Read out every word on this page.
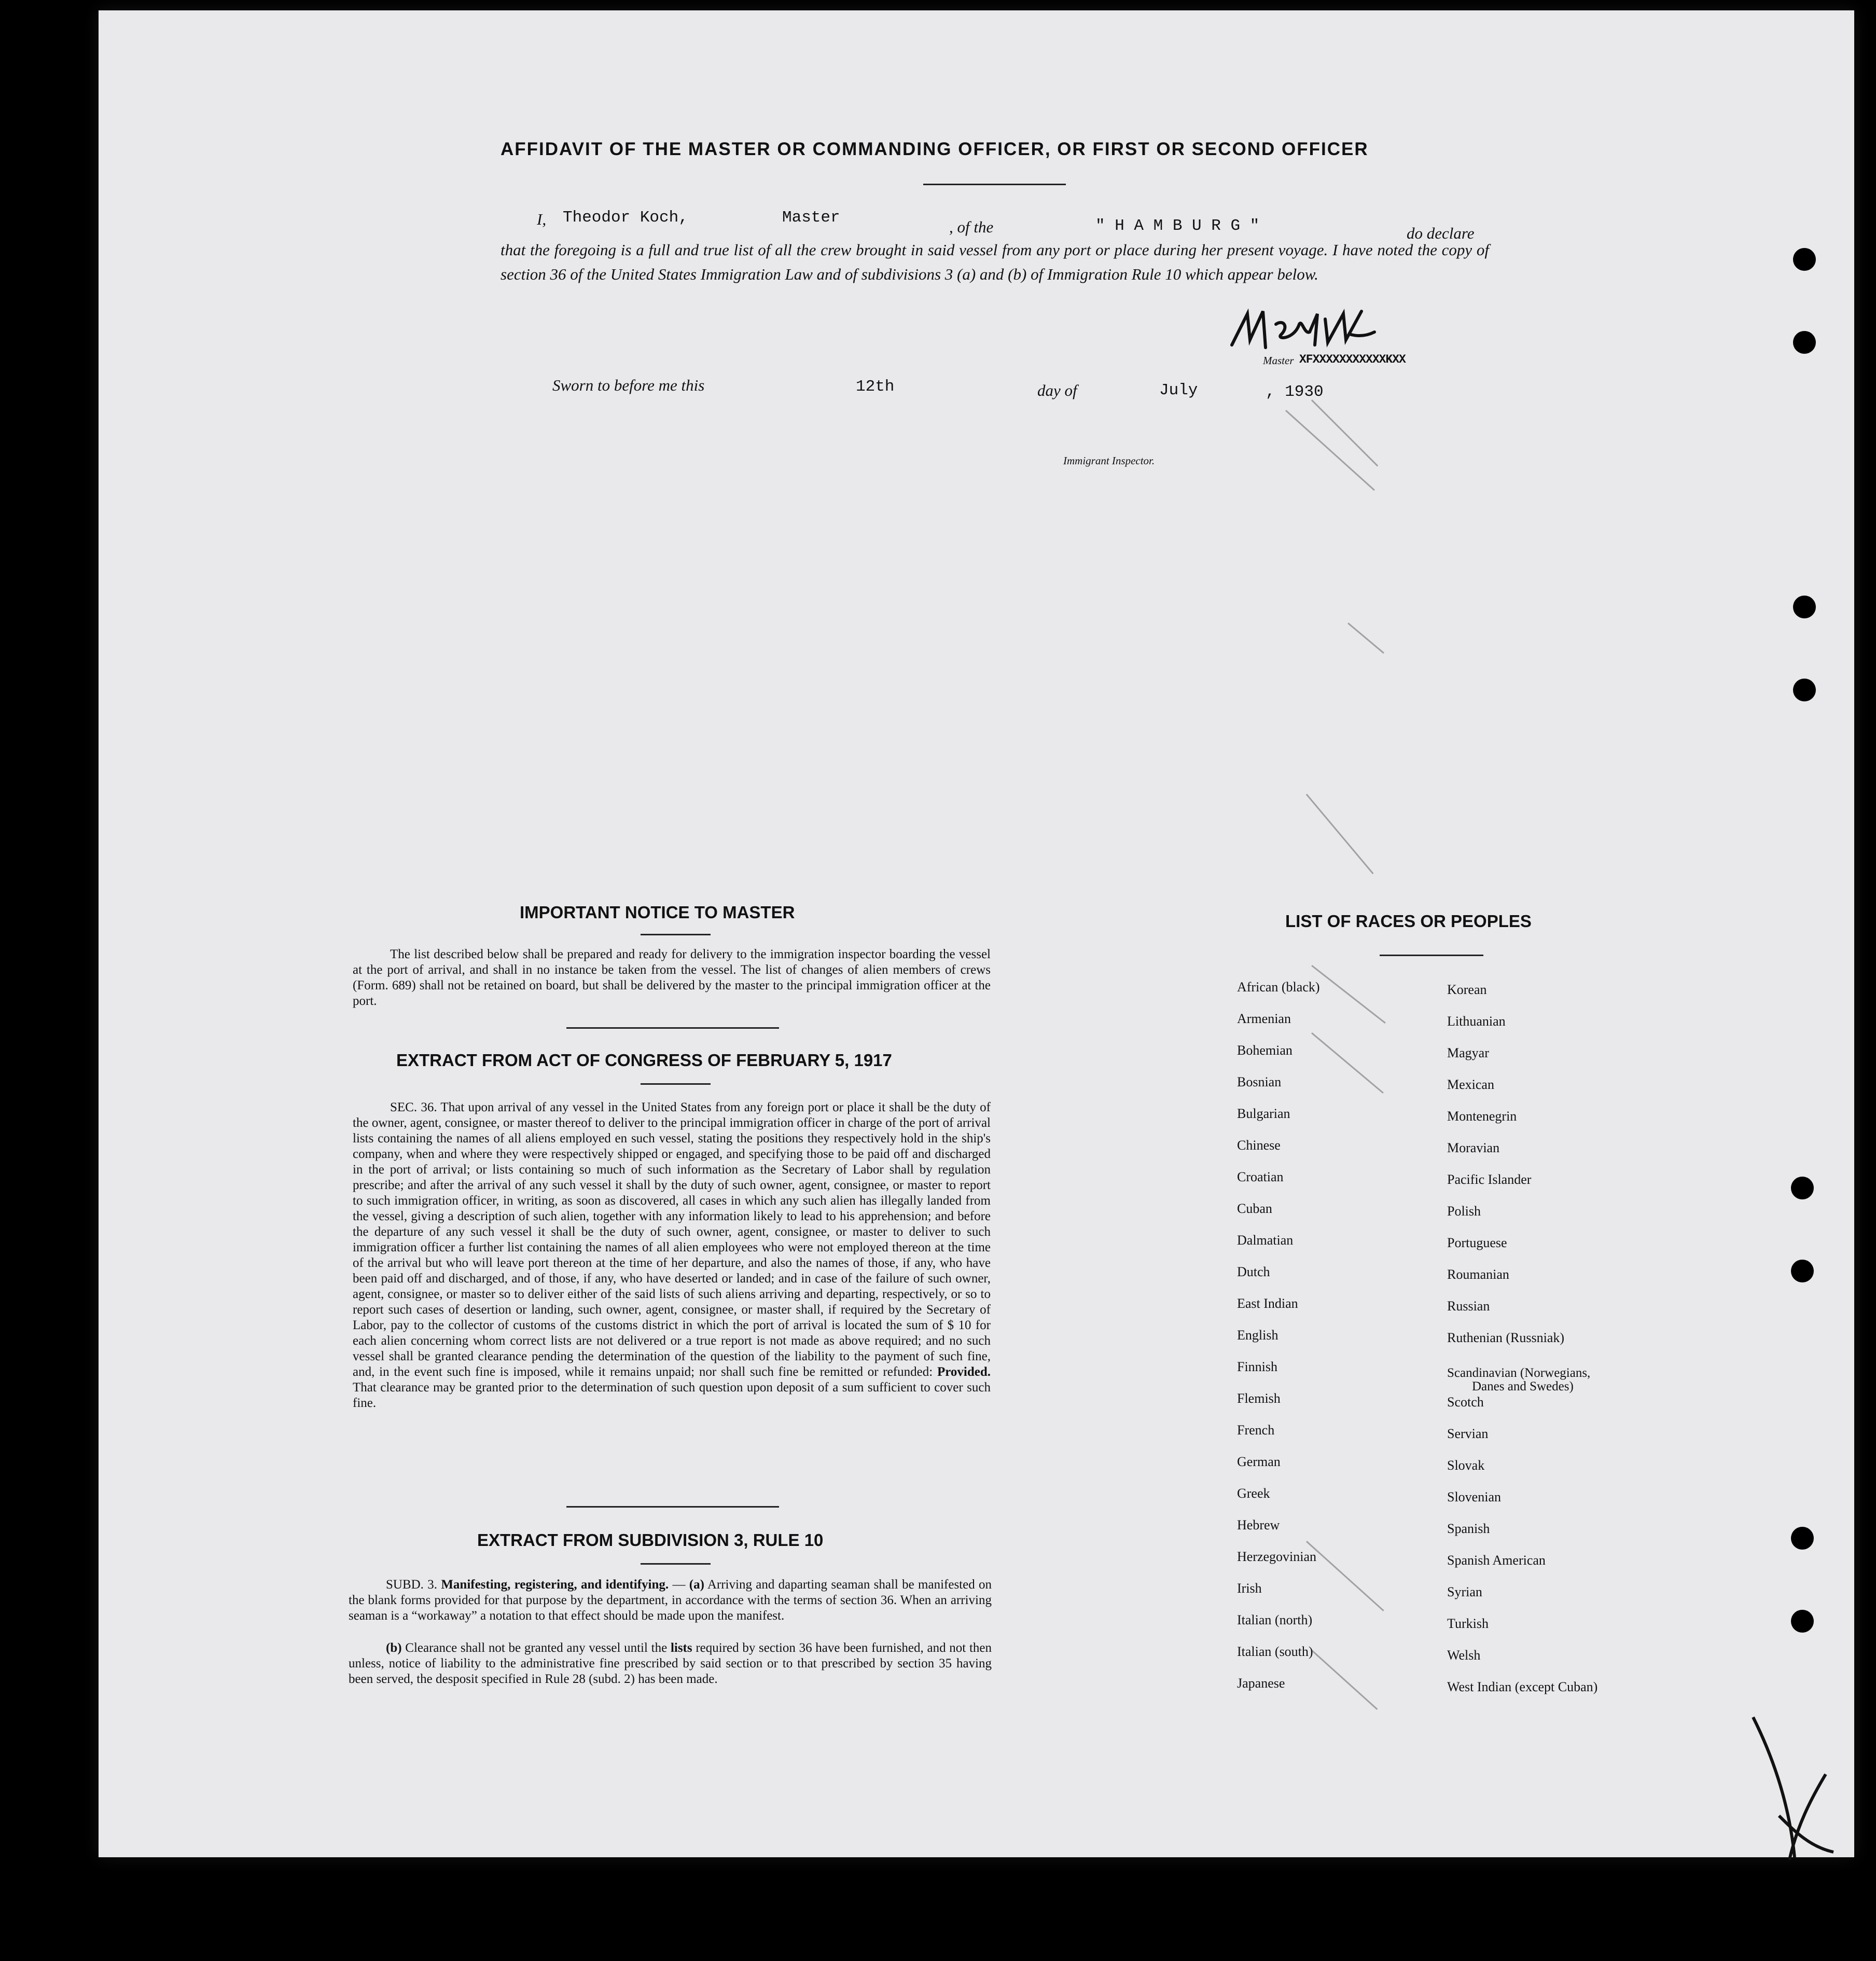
AFFIDAVIT OF THE MASTER OR COMMANDING OFFICER, OR FIRST OR SECOND OFFICER
I, Theodor Koch,	Master
, of the	" H A M B U R G "	do declare
that the foregoing is a full and true list of all the crew brought in said vessel from any port or place during her present voyage. I have noted the copy of section 36 of the United States Immigration Law and of subdivisions 3 (a) and (b) of Immigration Rule 10 which appear below.
Master XFXXXXXXXXXXXKXX
Sworn to before me this	12th	day of	July	, 1930
Immigrant Inspector.
IMPORTANT NOTICE TO MASTER
The list described below shall be prepared and ready for delivery to the immigration inspector boarding the vessel at the port of arrival, and shall in no instance be taken from the vessel. The list of changes of alien members of crews (Form. 689) shall not be retained on board, but shall be delivered by the master to the principal immigration officer at the port.
EXTRACT FROM ACT OF CONGRESS OF FEBRUARY 5, 1917
SEC. 36. That upon arrival of any vessel in the United States from any foreign port or place it shall be the duty of the owner, agent, consignee, or master thereof to deliver to the principal immigration officer in charge of the port of arrival lists containing the names of all aliens employed en such vessel, stating the positions they respectively hold in the ship's company, when and where they were respectively shipped or engaged, and specifying those to be paid off and discharged in the port of arrival; or lists containing so much of such information as the Secretary of Labor shall by regulation prescribe; and after the arrival of any such vessel it shall by the duty of such owner, agent, consignee, or master to report to such immigration officer, in writing, as soon as discovered, all cases in which any such alien has illegally landed from the vessel, giving a description of such alien, together with any information likely to lead to his apprehension; and before the departure of any such vessel it shall be the duty of such owner, agent, consignee, or master to deliver to such immigration officer a further list containing the names of all alien employees who were not employed thereon at the time of the arrival but who will leave port thereon at the time of her departure, and also the names of those, if any, who have been paid off and discharged, and of those, if any, who have deserted or landed; and in case of the failure of such owner, agent, consignee, or master so to deliver either of the said lists of such aliens arriving and departing, respectively, or so to report such cases of desertion or landing, such owner, agent, consignee, or master shall, if required by the Secretary of Labor, pay to the collector of customs of the customs district in which the port of arrival is located the sum of $ 10 for each alien concerning whom correct lists are not delivered or a true report is not made as above required; and no such vessel shall be granted clearance pending the determination of the question of the liability to the payment of such fine, and, in the event such fine is imposed, while it remains unpaid; nor shall such fine be remitted or refunded: Provided. That clearance may be granted prior to the determination of such question upon deposit of a sum sufficient to cover such fine.
EXTRACT FROM SUBDIVISION 3, RULE 10
SUBD. 3. Manifesting, registering, and identifying. — (a) Arriving and daparting seaman shall be manifested on the blank forms provided for that purpose by the department, in accordance with the terms of section 36. When an arriving seaman is a “workaway” a notation to that effect should be made upon the manifest.
(b) Clearance shall not be granted any vessel until the lists required by section 36 have been furnished, and not then unless, notice of liability to the administrative fine prescribed by said section or to that prescribed by section 35 having been served, the desposit specified in Rule 28 (subd. 2) has been made.
LIST OF RACES OR PEOPLES
African (black)
Armenian
Bohemian
Bosnian
Bulgarian
Chinese
Croatian
Cuban
Dalmatian
Dutch
East Indian
English
Finnish
Flemish
French
German
Greek
Hebrew
Herzegovinian
Irish
Italian (north)
Italian (south)
Japanese
Korean
Lithuanian
Magyar
Mexican
Montenegrin
Moravian
Pacific Islander
Polish
Portuguese
Roumanian
Russian
Ruthenian (Russniak)
Scandinavian (Norwegians,
Danes and Swedes)
Scotch
Servian
Slovak
Slovenian
Spanish
Spanish American
Syrian
Turkish
Welsh
West Indian (except Cuban)
